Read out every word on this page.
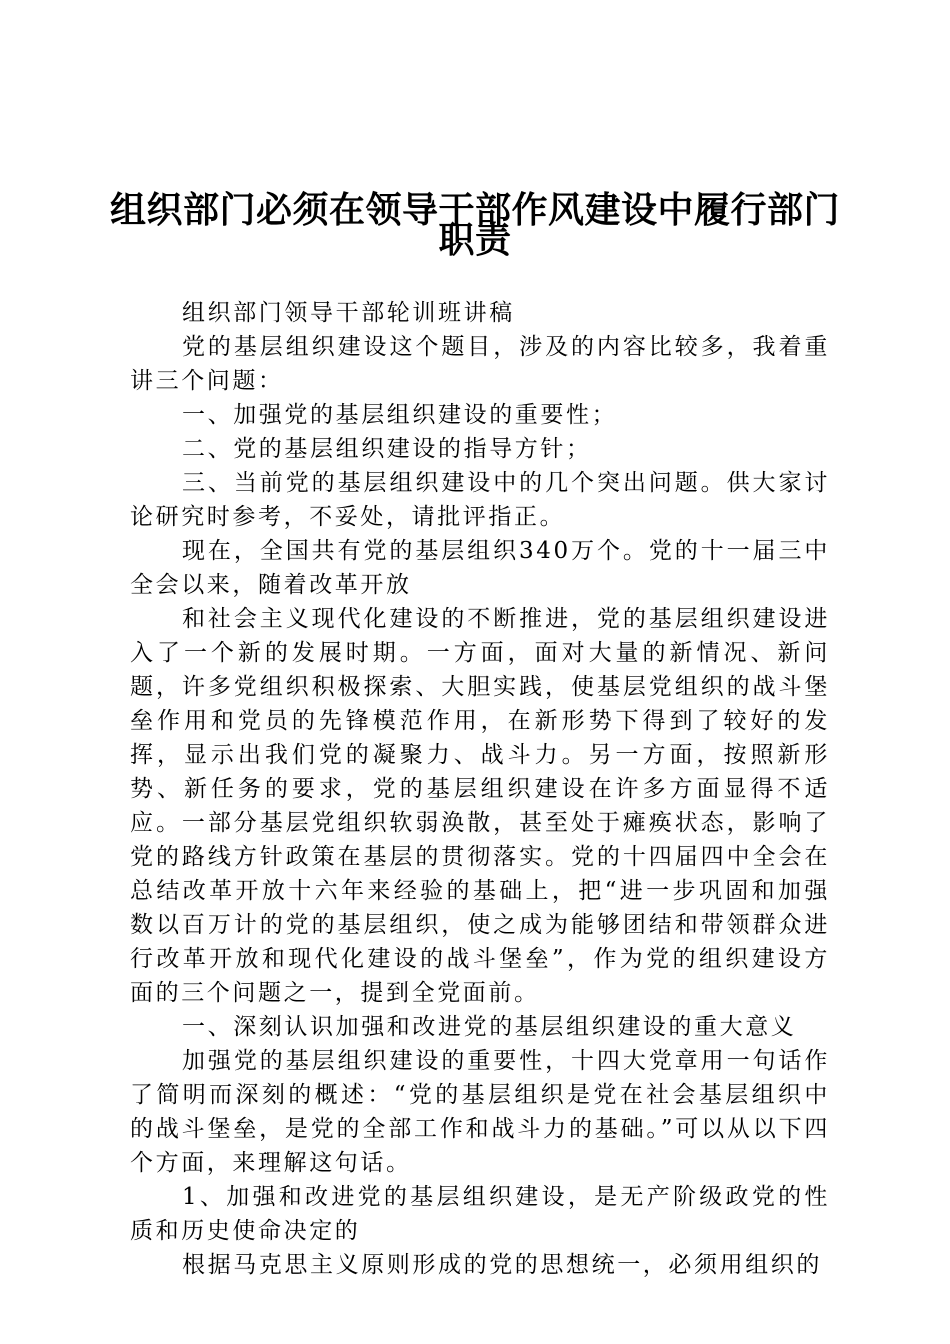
组织部门必须在领导干部作风建设中履行部门
职责

组织部门领导干部轮训班讲稿

党的基层组织建设这个题目，涉及的内容比较多，我着重讲三个问题：

一、加强党的基层组织建设的重要性；

二、党的基层组织建设的指导方针；

三、当前党的基层组织建设中的几个突出问题。供大家讨论研究时参考，不妥处，请批评指正。

现在，全国共有党的基层组织340万个。党的十一届三中全会以来，随着改革开放

和社会主义现代化建设的不断推进，党的基层组织建设进入了一个新的发展时期。一方面，面对大量的新情况、新问题，许多党组织积极探索、大胆实践，使基层党组织的战斗堡垒作用和党员的先锋模范作用，在新形势下得到了较好的发挥，显示出我们党的凝聚力、战斗力。另一方面，按照新形势、新任务的要求，党的基层组织建设在许多方面显得不适应。一部分基层党组织软弱涣散，甚至处于瘫痪状态，影响了党的路线方针政策在基层的贯彻落实。党的十四届四中全会在总结改革开放十六年来经验的基础上，把“进一步巩固和加强数以百万计的党的基层组织，使之成为能够团结和带领群众进行改革开放和现代化建设的战斗堡垒”，作为党的组织建设方面的三个问题之一，提到全党面前。

一、深刻认识加强和改进党的基层组织建设的重大意义

加强党的基层组织建设的重要性，十四大党章用一句话作了简明而深刻的概述：“党的基层组织是党在社会基层组织中的战斗堡垒，是党的全部工作和战斗力的基础。”可以从以下四个方面，来理解这句话。

1、加强和改进党的基层组织建设，是无产阶级政党的性质和历史使命决定的

根据马克思主义原则形成的党的思想统一，必须用组织的
